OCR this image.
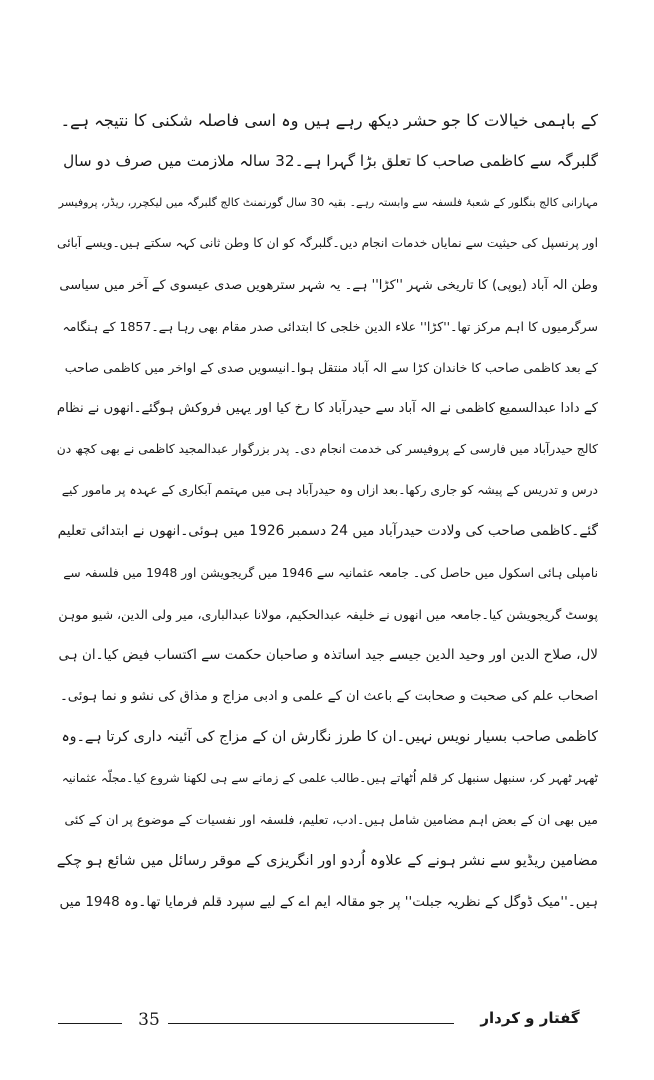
کے باہمی خیالات کا جو حشر دیکھ رہے ہیں وہ اسی فاصلہ شکنی کا نتیجہ ہے۔
گلبرگہ سے کاظمی صاحب کا تعلق بڑا گہرا ہے۔32 سالہ ملازمت میں صرف دو سال
مہارانی کالج بنگلور کے شعبۂ فلسفہ سے وابستہ رہے۔ بقیہ 30 سال گورنمنٹ کالج گلبرگہ میں لیکچرر، ریڈر، پروفیسر
اور پرنسپل کی حیثیت سے نمایاں خدمات انجام دیں۔گلبرگہ کو ان کا وطن ثانی کہہ سکتے ہیں۔ویسے آبائی
وطن الہ آباد (یوپی) کا تاریخی شہر ''کڑا'' ہے۔ یہ شہر سترھویں صدی عیسوی کے آخر میں سیاسی
سرگرمیوں کا اہم مرکز تھا۔''کڑا'' علاء الدین خلجی کا ابتدائی صدر مقام بھی رہا ہے۔1857 کے ہنگامہ
کے بعد کاظمی صاحب کا خاندان کڑا سے الہ آباد منتقل ہوا۔انیسویں صدی کے اواخر میں کاظمی صاحب
کے دادا عبدالسمیع کاظمی نے الہ آباد سے حیدرآباد کا رخ کیا اور یہیں فروکش ہوگئے۔انھوں نے نظام
کالج حیدرآباد میں فارسی کے پروفیسر کی خدمت انجام دی۔ پدر بزرگوار عبدالمجید کاظمی نے بھی کچھ دن
درس و تدریس کے پیشہ کو جاری رکھا۔بعد ازاں وہ حیدرآباد ہی میں مہتمم آبکاری کے عہدہ پر مامور کیے
گئے۔کاظمی صاحب کی ولادت حیدرآباد میں 24 دسمبر 1926 میں ہوئی۔انھوں نے ابتدائی تعلیم
نامپلی ہائی اسکول میں حاصل کی۔ جامعہ عثمانیہ سے 1946 میں گریجویشن اور 1948 میں فلسفہ سے
پوسٹ گریجویشن کیا۔جامعہ میں انھوں نے خلیفہ عبدالحکیم، مولانا عبدالباری، میر ولی الدین، شیو موہن
لال، صلاح الدین اور وحید الدین جیسے جید اساتذہ و صاحبان حکمت سے اکتساب فیض کیا۔ان ہی
اصحاب علم کی صحبت و صحابت کے باعث ان کے علمی و ادبی مزاج و مذاق کی نشو و نما ہوئی۔
کاظمی صاحب بسیار نویس نہیں۔ان کا طرز نگارش ان کے مزاج کی آئینہ داری کرتا ہے۔وہ
ٹھہر ٹھہر کر، سنبھل سنبھل کر قلم اُٹھاتے ہیں۔طالب علمی کے زمانے سے ہی لکھنا شروع کیا۔مجلّہ عثمانیہ
میں بھی ان کے بعض اہم مضامین شامل ہیں۔ادب، تعلیم، فلسفہ اور نفسیات کے موضوع پر ان کے کئی
مضامین ریڈیو سے نشر ہونے کے علاوہ اُردو اور انگریزی کے موقر رسائل میں شائع ہو چکے
ہیں۔''میک ڈوگل کے نظریہ جبلت'' پر جو مقالہ ایم اے کے لیے سپرد قلم فرمایا تھا۔وہ 1948 میں
35	گفتار و کردار
